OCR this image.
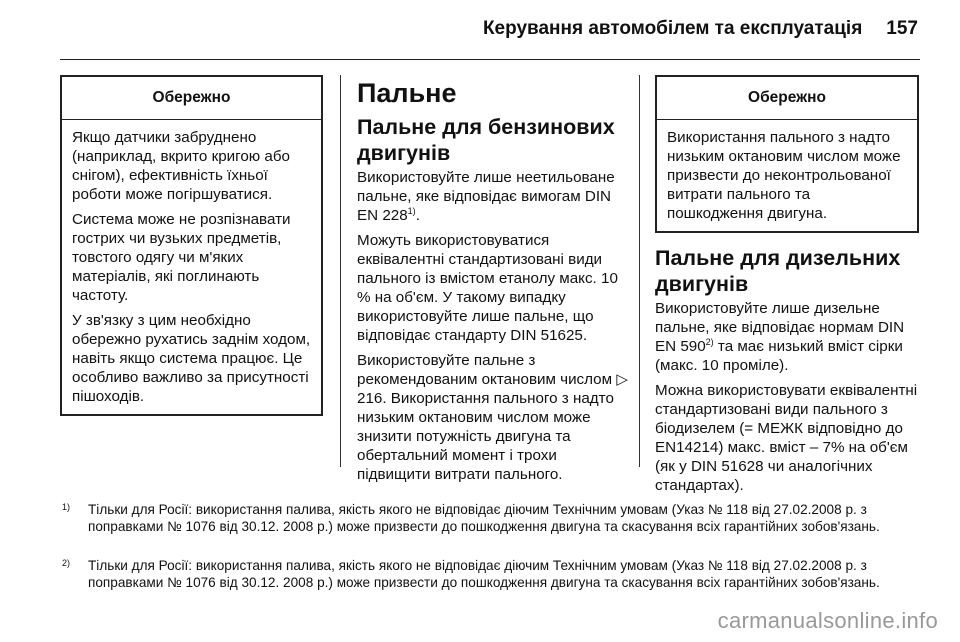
Керування автомобілем та експлуатація 157
Обережно

Якщо датчики забруднено (наприклад, вкрито кригою або снігом), ефективність їхньої роботи може погіршуватися.

Система може не розпізнавати гострих чи вузьких предметів, товстого одягу чи м'яких матеріалів, які поглинають частоту.

У зв'язку з цим необхідно обережно рухатись заднім ходом, навіть якщо система працює. Це особливо важливо за присутності пішоходів.

Пальне
Пальне для бензинових двигунів

Використовуйте лише неетильоване пальне, яке відповідає вимогам DIN EN 228$^{1)}$.

Можуть використовуватися еквівалентні стандартизовані види пального із вмістом етанолу макс. 10 % на об'єм. У такому випадку використовуйте лише пальне, що відповідає стандарту DIN 51625.

Використовуйте пальне з рекомендованим октановим числом ▷ 216. Використання пального з надто низьким октановим числом може знизити потужність двигуна та обертальний момент і трохи підвищити витрати пального.

Обережно

Використання пального з надто низьким октановим числом може призвести до неконтрольованої витрати пального та пошкодження двигуна.

Пальне для дизельних двигунів

Використовуйте лише дизельне пальне, яке відповідає нормам DIN EN 590$^{2)}$ та має низький вміст сірки (макс. 10 проміле).

Можна використовувати еквівалентні стандартизовані види пального з біодизелем (= МЕЖК відповідно до EN14214) макс. вміст – 7% на об'єм (як у DIN 51628 чи аналогічних стандартах).

1) Тільки для Росії: використання палива, якість якого не відповідає діючим Технічним умовам (Указ № 118 від 27.02.2008 р. з поправками № 1076 від 30.12. 2008 р.) може призвести до пошкодження двигуна та скасування всіх гарантійних зобов'язань.
2) Тільки для Росії: використання палива, якість якого не відповідає діючим Технічним умовам (Указ № 118 від 27.02.2008 р. з поправками № 1076 від 30.12. 2008 р.) може призвести до пошкодження двигуна та скасування всіх гарантійних зобов'язань.
carmanualsonline.info
